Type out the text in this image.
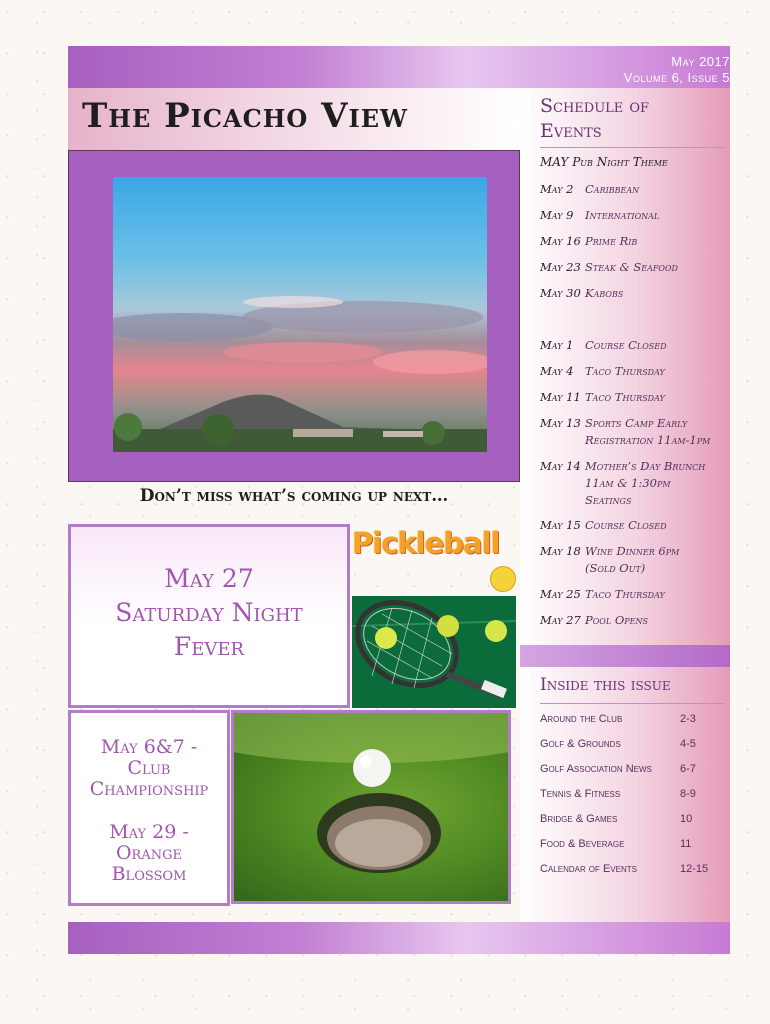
May 2017
Volume 6, Issue 5
The Picacho View
Don’t miss what’s coming up next…
May 27
Saturday Night
Fever
Pickleball
May 6&7 -
Club
Championship
May 29 -
Orange
Blossom
Schedule of
Events
MAY Pub Night Theme
May 2 Caribbean
May 9 International
May 16 Prime Rib
May 23 Steak & Seafood
May 30 Kabobs
May 1 Course Closed
May 4 Taco Thursday
May 11 Taco Thursday
May 13 Sports Camp Early
Registration 11am-1pm
May 14 Mother’s Day Brunch
11am & 1:30pm
Seatings
May 15 Course Closed
May 18 Wine Dinner 6pm
(Sold Out)
May 25 Taco Thursday
May 27 Pool Opens
Inside this issue
Around the Club	2-3
Golf & Grounds	4-5
Golf Association News	6-7
Tennis & Fitness	8-9
Bridge & Games	10
Food & Beverage	11
Calendar of Events	12-15
